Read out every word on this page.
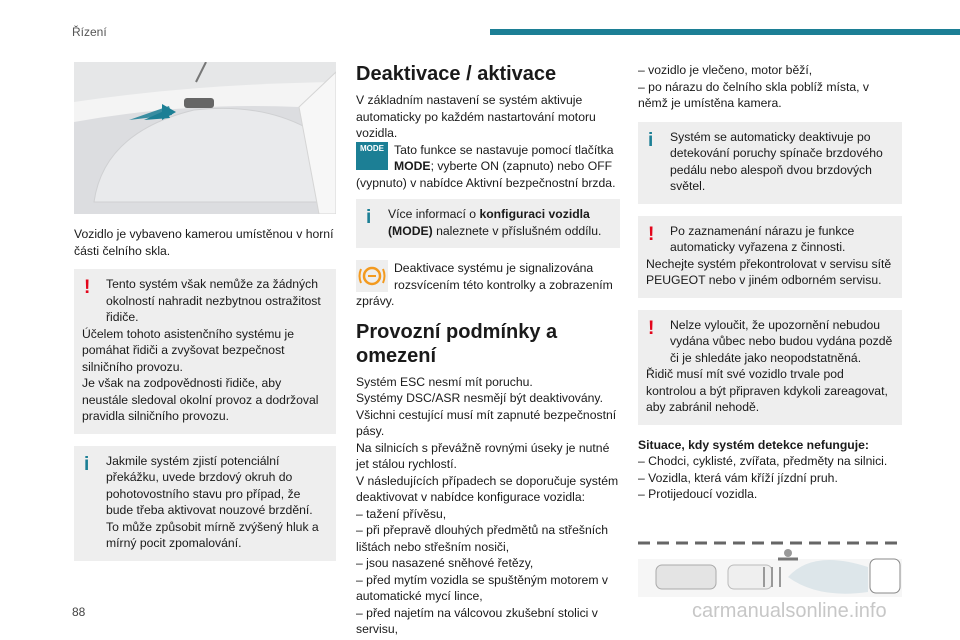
Řízení
Vozidlo je vybaveno kamerou umístěnou v horní části čelního skla.
!	Tento systém však nemůže za žádných okolností nahradit nezbytnou ostražitost řidiče.
Účelem tohoto asistenčního systému je pomáhat řidiči a zvyšovat bezpečnost silničního provozu.
Je však na zodpovědnosti řidiče, aby neustále sledoval okolní provoz a dodržoval pravidla silničního provozu.
i	Jakmile systém zjistí potenciální překážku, uvede brzdový okruh do pohotovostního stavu pro případ, že bude třeba aktivovat nouzové brzdění. To může způsobit mírně zvýšený hluk a mírný pocit zpomalování.
Deaktivace / aktivace
V základním nastavení se systém aktivuje automaticky po každém nastartování motoru vozidla.
MODE Tato funkce se nastavuje pomocí tlačítka MODE; vyberte ON (zapnuto) nebo OFF (vypnuto) v nabídce Aktivní bezpečnostní brzda.
i	Více informací o konfiguraci vozidla (MODE) naleznete v příslušném oddílu.
Deaktivace systému je signalizována rozsvícením této kontrolky a zobrazením zprávy.
Provozní podmínky a omezení
Systém ESC nesmí mít poruchu.
Systémy DSC/ASR nesmějí být deaktivovány.
Všichni cestující musí mít zapnuté bezpečnostní pásy.
Na silnicích s převážně rovnými úseky je nutné jet stálou rychlostí.
V následujících případech se doporučuje systém deaktivovat v nabídce konfigurace vozidla:
– tažení přívěsu,
– při přepravě dlouhých předmětů na střešních lištách nebo střešním nosiči,
– jsou nasazené sněhové řetězy,
– před mytím vozidla se spuštěným motorem v automatické mycí lince,
– před najetím na válcovou zkušební stolici v servisu,
– vozidlo je vlečeno, motor běží,
– po nárazu do čelního skla poblíž místa, v němž je umístěna kamera.
i	Systém se automaticky deaktivuje po detekování poruchy spínače brzdového pedálu nebo alespoň dvou brzdových světel.
!	Po zaznamenání nárazu je funkce automaticky vyřazena z činnosti.
Nechejte systém překontrolovat v servisu sítě PEUGEOT nebo v jiném odborném servisu.
!	Nelze vyloučit, že upozornění nebudou vydána vůbec nebo budou vydána pozdě či je shledáte jako neopodstatněná.
Řidič musí mít své vozidlo trvale pod kontrolou a být připraven kdykoli zareagovat, aby zabránil nehodě.
Situace, kdy systém detekce nefunguje:
– Chodci, cyklisté, zvířata, předměty na silnici.
– Vozidla, která vám kříží jízdní pruh.
– Protijedoucí vozidla.
88	carmanualsonline.info
